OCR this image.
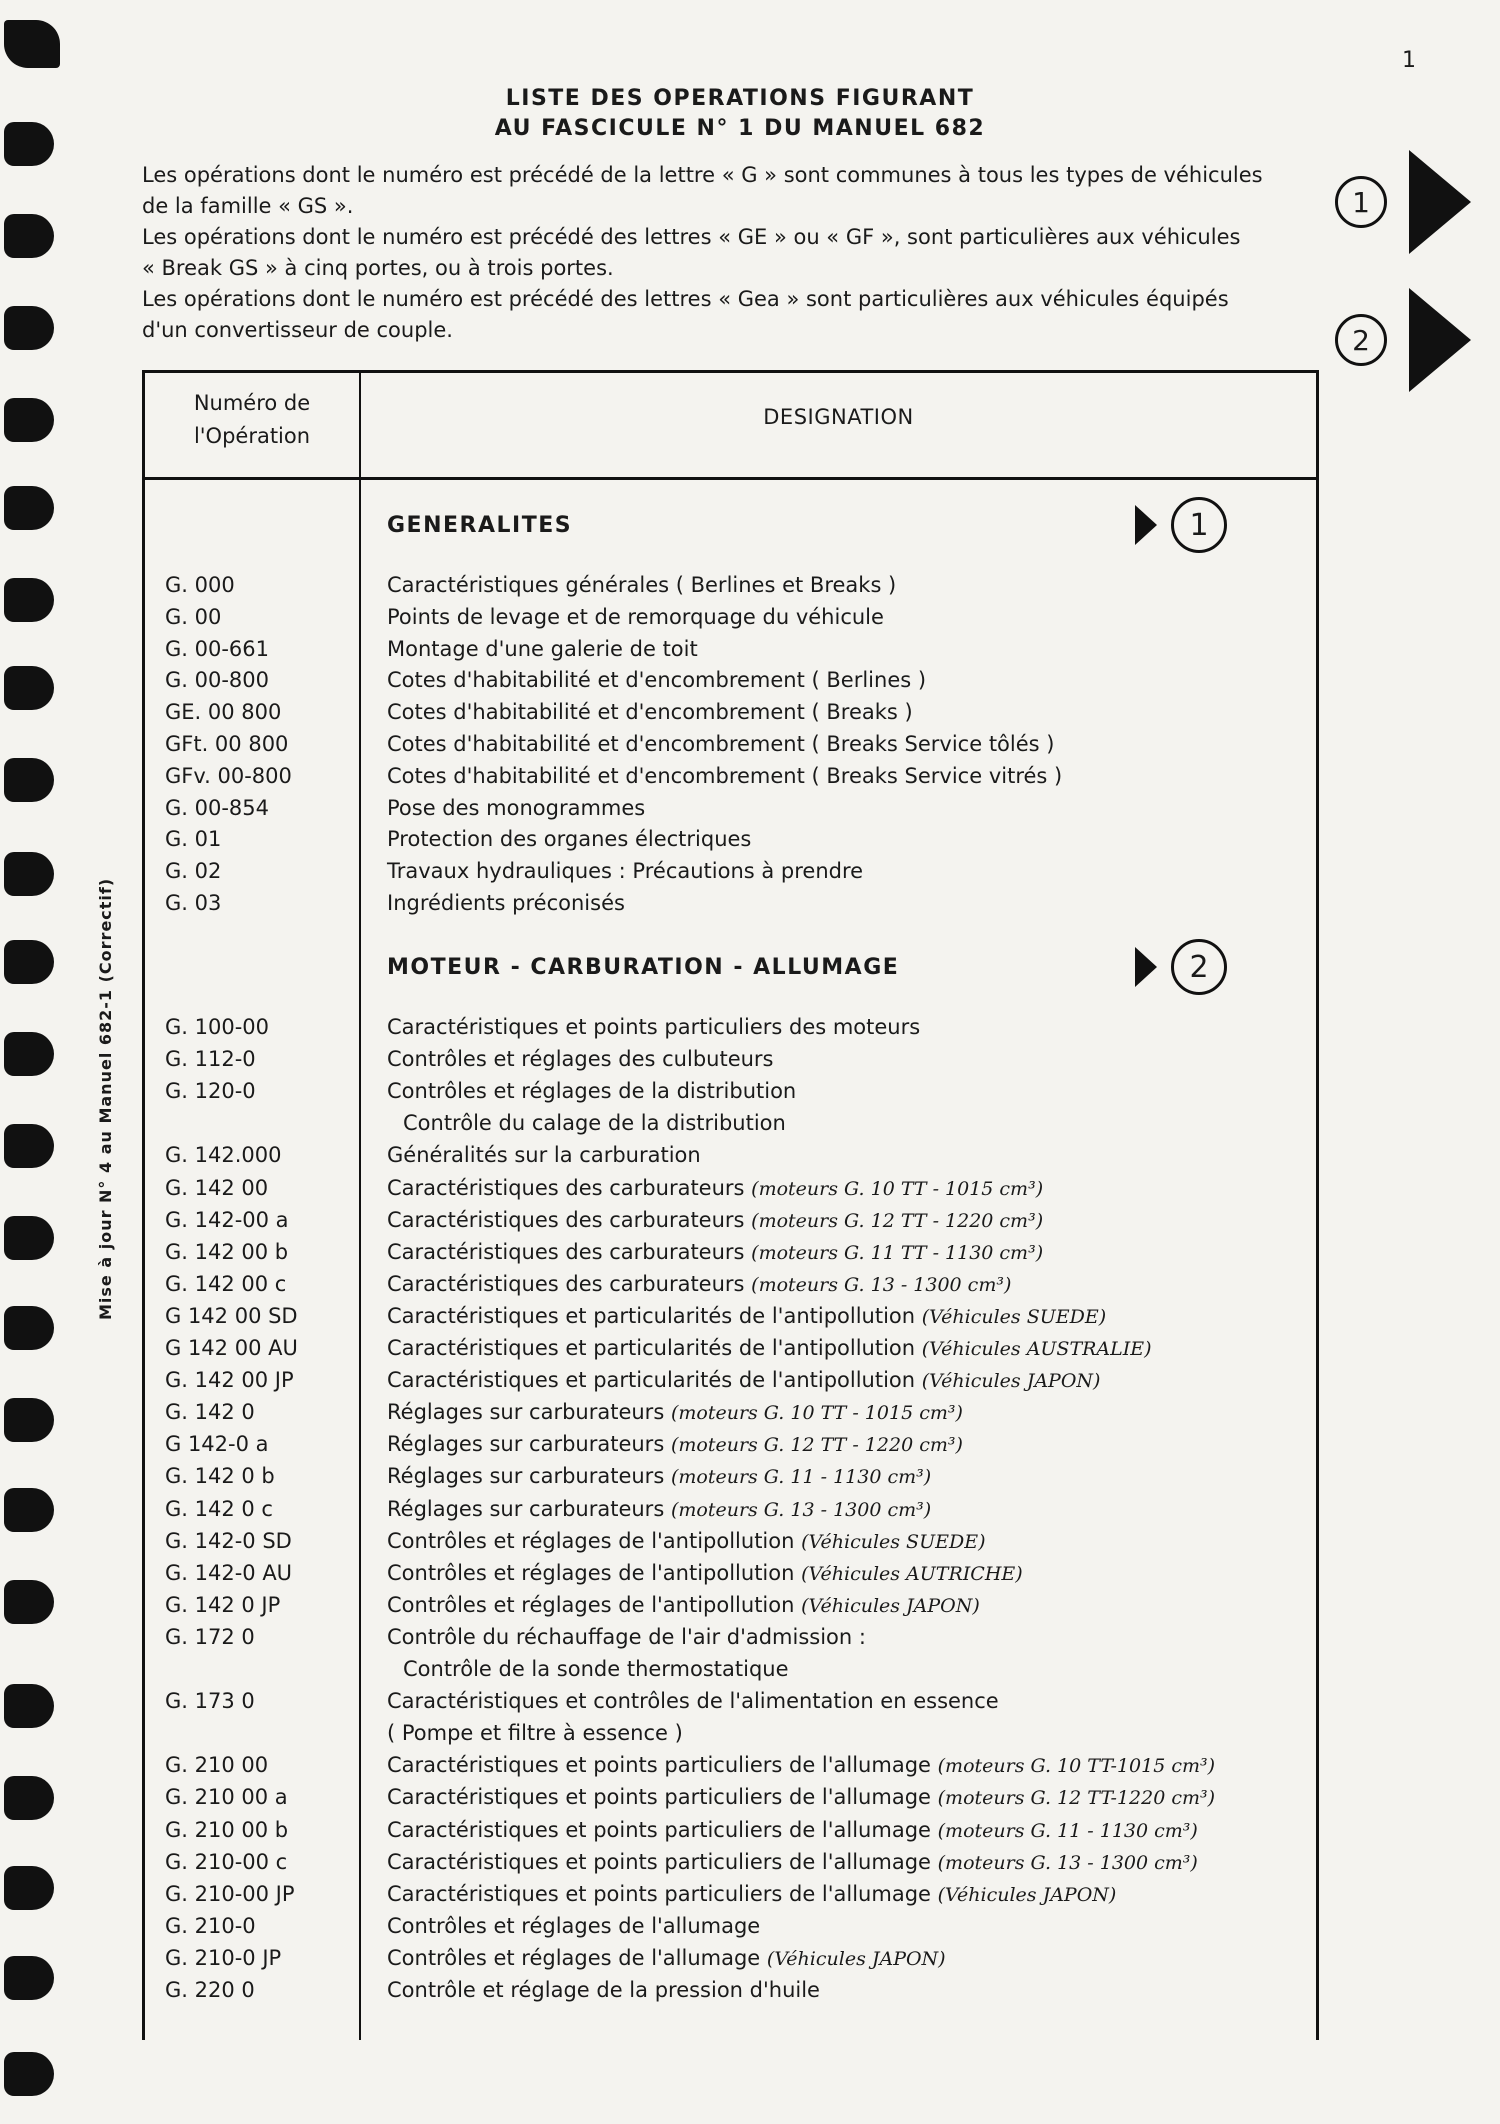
1
Mise à jour N° 4 au Manuel 682-1 (Correctif)
LISTE DES OPERATIONS FIGURANT
AU FASCICULE N° 1 DU MANUEL 682

Les opérations dont le numéro est précédé de la lettre « G » sont communes à tous les types de véhicules

de la famille « GS ».

Les opérations dont le numéro est précédé des lettres « GE » ou « GF », sont particulières aux véhicules

« Break GS » à cinq portes, ou à trois portes.

Les opérations dont le numéro est précédé des lettres « Gea » sont particulières aux véhicules équipés

d'un convertisseur de couple.

1
2
Numéro de
l'Opération
DESIGNATION
GENERALITES	1
G. 000	Caractéristiques générales ( Berlines et Breaks )
G. 00	Points de levage et de remorquage du véhicule
G. 00-661	Montage d'une galerie de toit
G. 00-800	Cotes d'habitabilité et d'encombrement ( Berlines )
GE. 00 800	Cotes d'habitabilité et d'encombrement ( Breaks )
GFt. 00 800	Cotes d'habitabilité et d'encombrement ( Breaks Service tôlés )
GFv. 00-800	Cotes d'habitabilité et d'encombrement ( Breaks Service vitrés )
G. 00-854	Pose des monogrammes
G. 01	Protection des organes électriques
G. 02	Travaux hydrauliques : Précautions à prendre
G. 03	Ingrédients préconisés
MOTEUR - CARBURATION - ALLUMAGE	2
G. 100-00	Caractéristiques et points particuliers des moteurs
G. 112-0	Contrôles et réglages des culbuteurs
G. 120-0	Contrôles et réglages de la distribution
Contrôle du calage de la distribution
G. 142.000	Généralités sur la carburation
G. 142 00	Caractéristiques des carburateurs (moteurs G. 10 TT - 1015 cm³)
G. 142-00 a	Caractéristiques des carburateurs (moteurs G. 12 TT - 1220 cm³)
G. 142 00 b	Caractéristiques des carburateurs (moteurs G. 11 TT - 1130 cm³)
G. 142 00 c	Caractéristiques des carburateurs (moteurs G. 13 - 1300 cm³)
G 142 00 SD	Caractéristiques et particularités de l'antipollution (Véhicules SUEDE)
G 142 00 AU	Caractéristiques et particularités de l'antipollution (Véhicules AUSTRALIE)
G. 142 00 JP	Caractéristiques et particularités de l'antipollution (Véhicules JAPON)
G. 142 0	Réglages sur carburateurs (moteurs G. 10 TT - 1015 cm³)
G 142-0 a	Réglages sur carburateurs (moteurs G. 12 TT - 1220 cm³)
G. 142 0 b	Réglages sur carburateurs (moteurs G. 11 - 1130 cm³)
G. 142 0 c	Réglages sur carburateurs (moteurs G. 13 - 1300 cm³)
G. 142-0 SD	Contrôles et réglages de l'antipollution (Véhicules SUEDE)
G. 142-0 AU	Contrôles et réglages de l'antipollution (Véhicules AUTRICHE)
G. 142 0 JP	Contrôles et réglages de l'antipollution (Véhicules JAPON)
G. 172 0	Contrôle du réchauffage de l'air d'admission :
Contrôle de la sonde thermostatique
G. 173 0	Caractéristiques et contrôles de l'alimentation en essence
( Pompe et filtre à essence )
G. 210 00	Caractéristiques et points particuliers de l'allumage (moteurs G. 10 TT-1015 cm³)
G. 210 00 a	Caractéristiques et points particuliers de l'allumage (moteurs G. 12 TT-1220 cm³)
G. 210 00 b	Caractéristiques et points particuliers de l'allumage (moteurs G. 11 - 1130 cm³)
G. 210-00 c	Caractéristiques et points particuliers de l'allumage (moteurs G. 13 - 1300 cm³)
G. 210-00 JP	Caractéristiques et points particuliers de l'allumage (Véhicules JAPON)
G. 210-0	Contrôles et réglages de l'allumage
G. 210-0 JP	Contrôles et réglages de l'allumage (Véhicules JAPON)
G. 220 0	Contrôle et réglage de la pression d'huile
